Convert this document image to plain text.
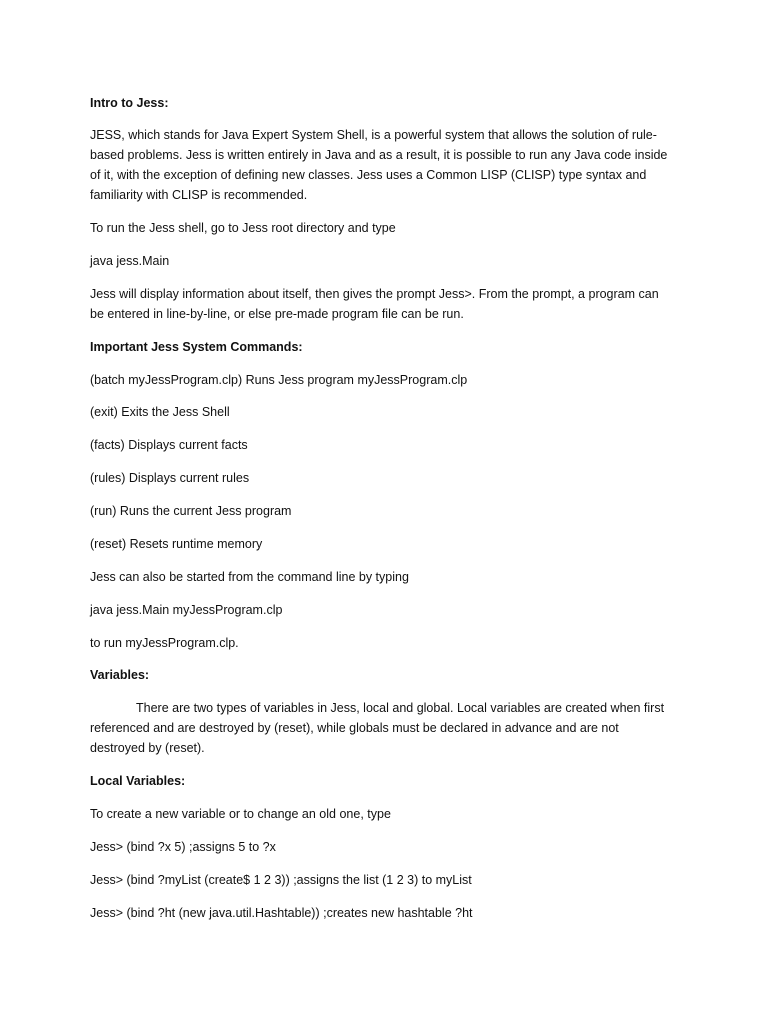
Intro to Jess:
JESS, which stands for Java Expert System Shell, is a powerful system that allows the solution of rule-
based problems. Jess is written entirely in Java and as a result, it is possible to run any Java code inside
of it, with the exception of defining new classes. Jess uses a Common LISP (CLISP) type syntax and
familiarity with CLISP is recommended.
To run the Jess shell, go to Jess root directory and type
java jess.Main
Jess will display information about itself, then gives the prompt Jess>. From the prompt, a program can
be entered in line-by-line, or else pre-made program file can be run.
Important Jess System Commands:
(batch myJessProgram.clp) Runs Jess program myJessProgram.clp
(exit) Exits the Jess Shell
(facts) Displays current facts
(rules) Displays current rules
(run) Runs the current Jess program
(reset) Resets runtime memory
Jess can also be started from the command line by typing
java jess.Main myJessProgram.clp
to run myJessProgram.clp.
Variables:
There are two types of variables in Jess, local and global. Local variables are created when first
referenced and are destroyed by (reset), while globals must be declared in advance and are not
destroyed by (reset).
Local Variables:
To create a new variable or to change an old one, type
Jess> (bind ?x 5) ;assigns 5 to ?x
Jess> (bind ?myList (create$ 1 2 3)) ;assigns the list (1 2 3) to myList
Jess> (bind ?ht (new java.util.Hashtable)) ;creates new hashtable ?ht
